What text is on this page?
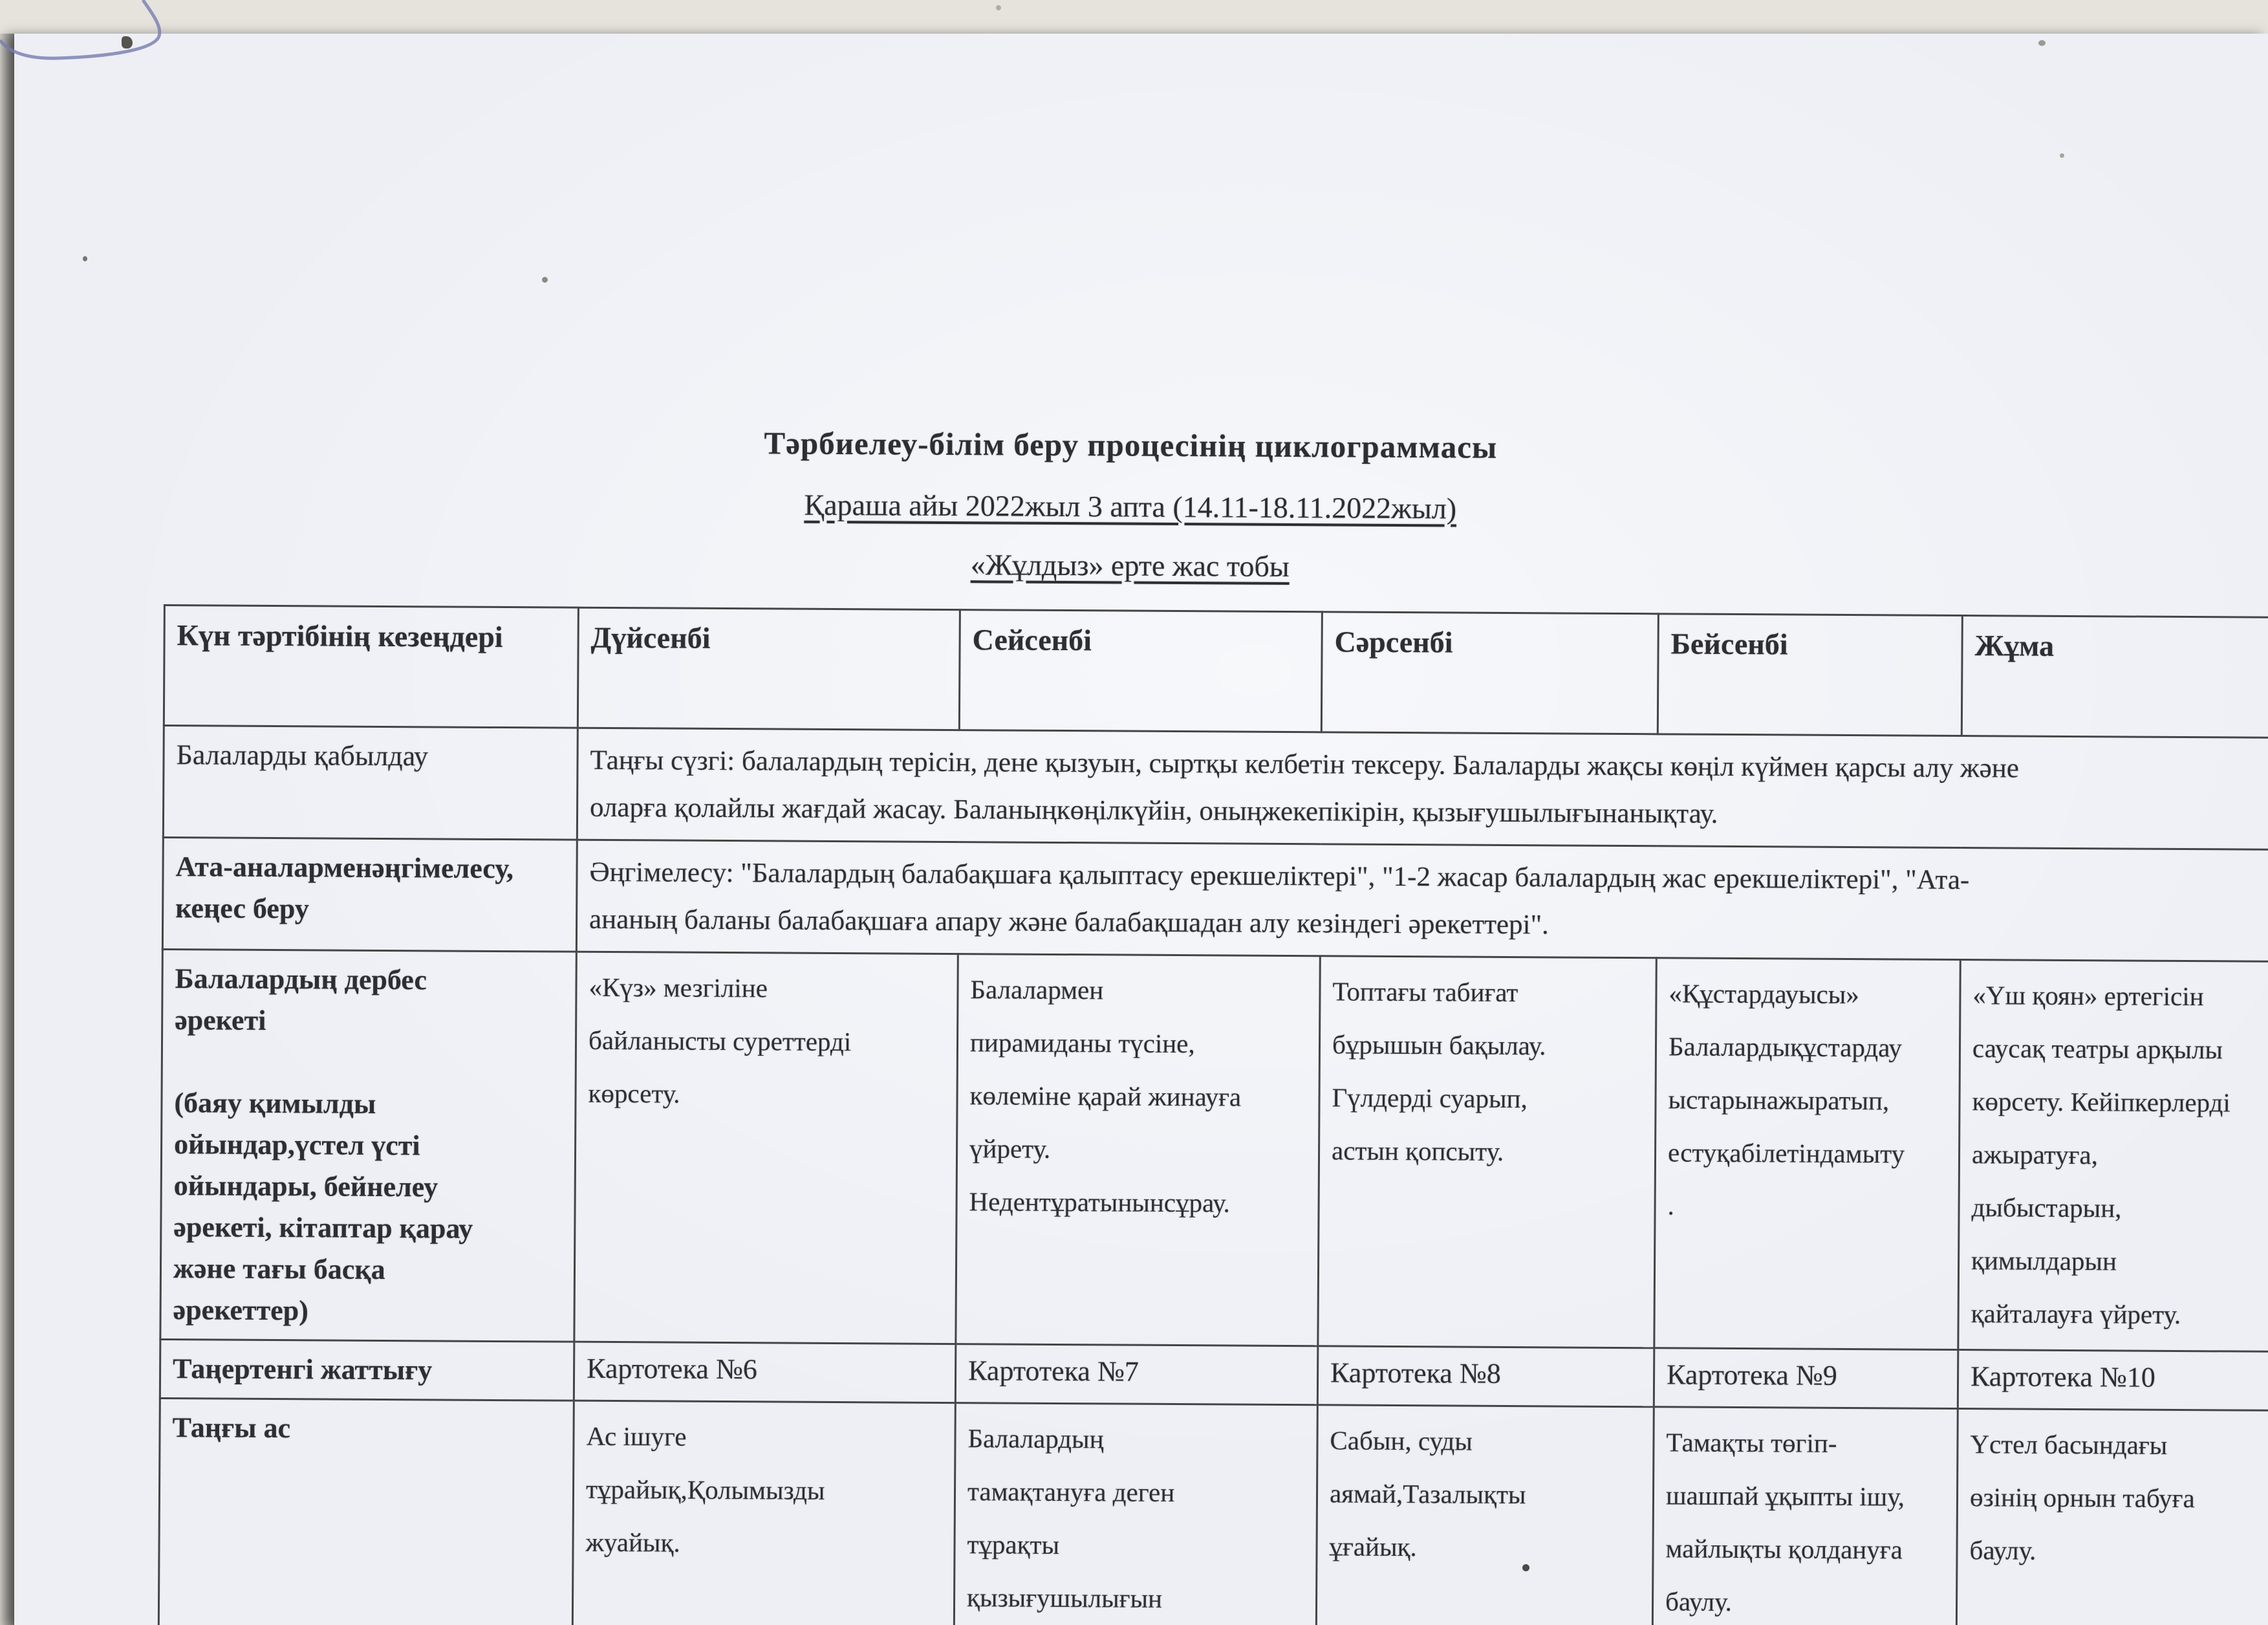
Тәрбиелеу-білім беру процесінің циклограммасы
Қараша айы 2022жыл 3 апта (14.11-18.11.2022жыл)
«Жұлдыз» ерте жас тобы
Күн тәртібінің кезеңдері	Дүйсенбі	Сейсенбі	Сәрсенбі	Бейсенбі	Жұма
Балаларды қабылдау	Таңғы сүзгі: балалардың терісін, дене қызуын, сыртқы келбетін тексеру. Балаларды жақсы көңіл күймен қарсы алу және
оларға қолайлы жағдай жасау. Баланыңкөңілкүйін, оныңжекепікірін, қызығушылығынанықтау.				
Ата-аналарменәңгімелесу,
кеңес беру	Әңгімелесу: "Балалардың балабақшаға қалыптасу ерекшеліктері", "1-2 жасар балалардың жас ерекшеліктері", "Ата-
ананың баланы балабақшаға апару және балабақшадан алу кезіндегі әрекеттері".				
Балалардың дербес
әрекеті

(баяу қимылды
ойындар,үстел үсті
ойындары, бейнелеу
әрекеті, кітаптар қарау
және тағы басқа
әрекеттер)	«Күз» мезгіліне
байланысты суреттерді
көрсету.	Балалармен
пирамиданы түсіне,
көлеміне қарай жинауға
үйрету.
Недентұратынынсұрау.	Топтағы табиғат
бұрышын бақылау.
Гүлдерді суарып,
астын қопсыту.	«Құстардауысы»
Балалардықұстардау
ыстарынажыратып,
естуқабілетіндамыту
.	«Үш қоян» ертегісін
саусақ театры арқылы
көрсету. Кейіпкерлерді
ажыратуға,
дыбыстарын,
қимылдарын
қайталауға үйрету.
Таңертенгі жаттығу	Картотека №6	Картотека №7	Картотека №8	Картотека №9	Картотека №10
Таңғы ас	Ас ішуге
тұрайық,Қолымызды
жуайық.	Балалардың
тамақтануға деген
тұрақты
қызығушылығын	Сабын, суды
аямай,Тазалықты
ұғайық.	Тамақты төгіп-
шашпай ұқыпты ішу,
майлықты қолдануға
баулу.	Үстел басындағы
өзінің орнын табуға
баулу.
